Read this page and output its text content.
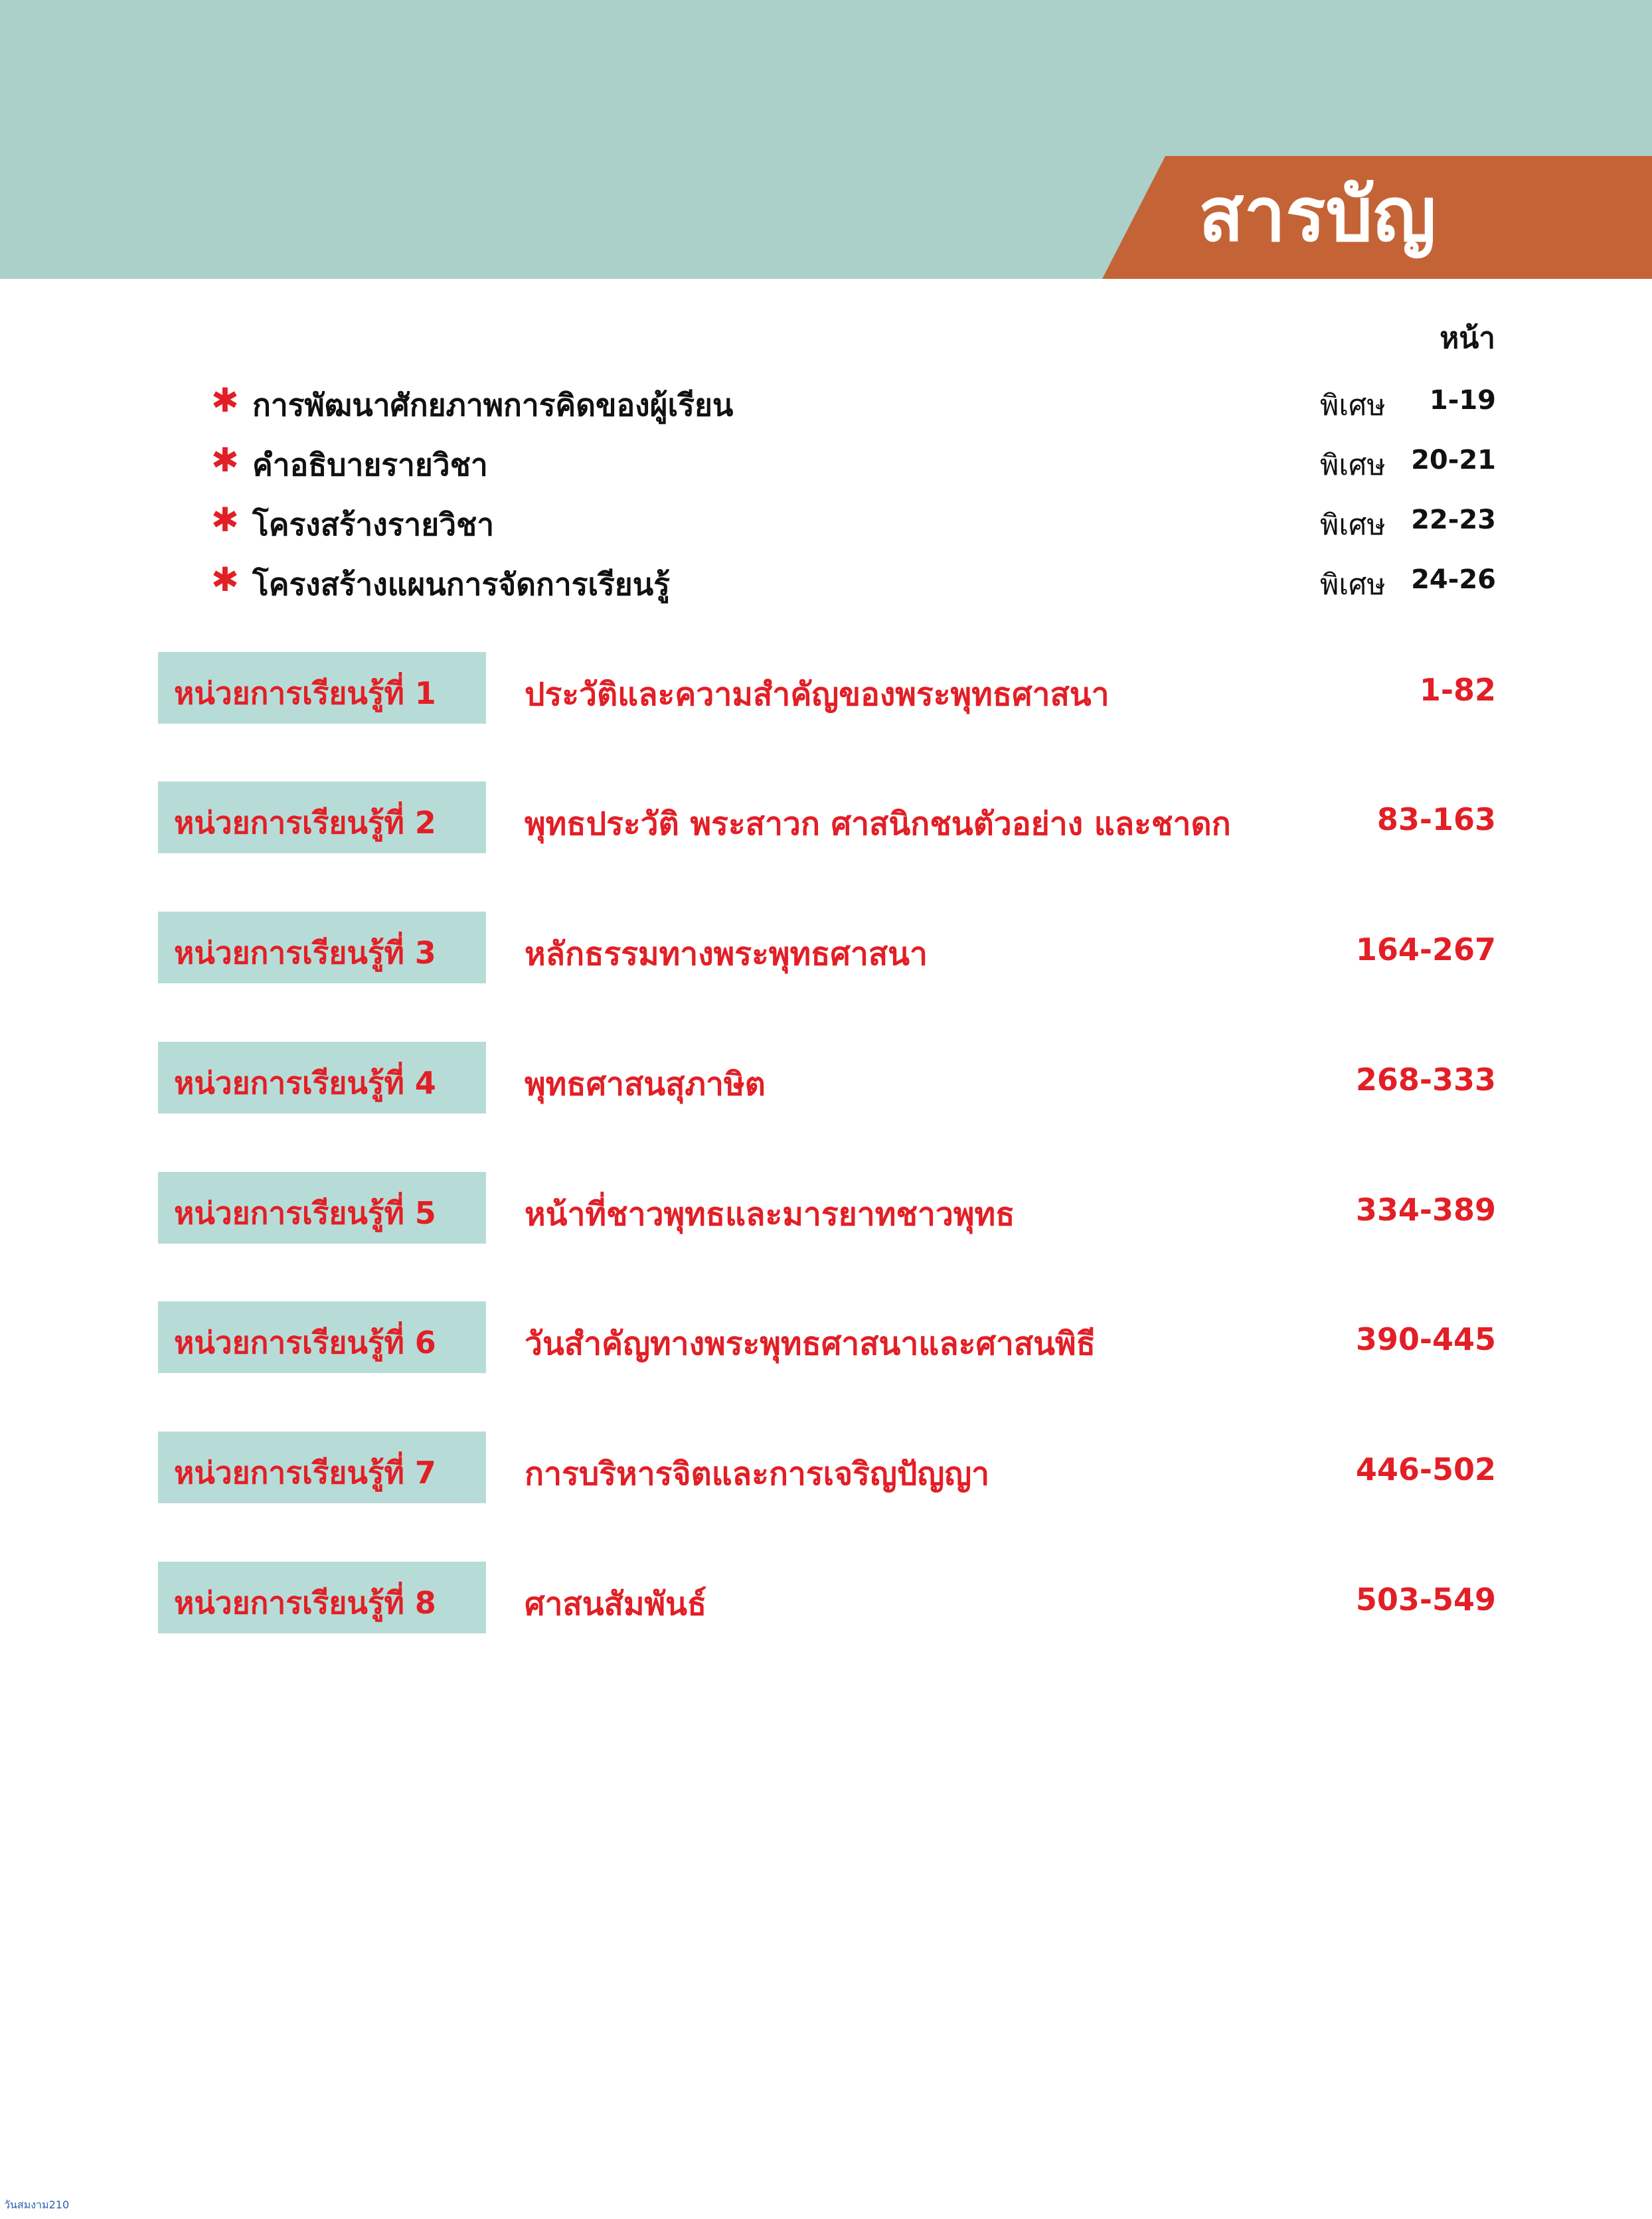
สารบัญ
หน้า
✱ การพัฒนาศักยภาพการคิดของผู้เรียน	พิเศษ 1-19
✱ คำอธิบายรายวิชา	พิเศษ 20-21
✱ โครงสร้างรายวิชา	พิเศษ 22-23
✱ โครงสร้างแผนการจัดการเรียนรู้	พิเศษ 24-26
หน่วยการเรียนรู้ที่ 1	ประวัติและความสำคัญของพระพุทธศาสนา	1-82
หน่วยการเรียนรู้ที่ 2	พุทธประวัติ พระสาวก ศาสนิกชนตัวอย่าง และชาดก	83-163
หน่วยการเรียนรู้ที่ 3	หลักธรรมทางพระพุทธศาสนา	164-267
หน่วยการเรียนรู้ที่ 4	พุทธศาสนสุภาษิต	268-333
หน่วยการเรียนรู้ที่ 5	หน้าที่ชาวพุทธและมารยาทชาวพุทธ	334-389
หน่วยการเรียนรู้ที่ 6	วันสำคัญทางพระพุทธศาสนาและศาสนพิธี	390-445
หน่วยการเรียนรู้ที่ 7	การบริหารจิตและการเจริญปัญญา	446-502
หน่วยการเรียนรู้ที่ 8	ศาสนสัมพันธ์	503-549
วันสมงาม210
